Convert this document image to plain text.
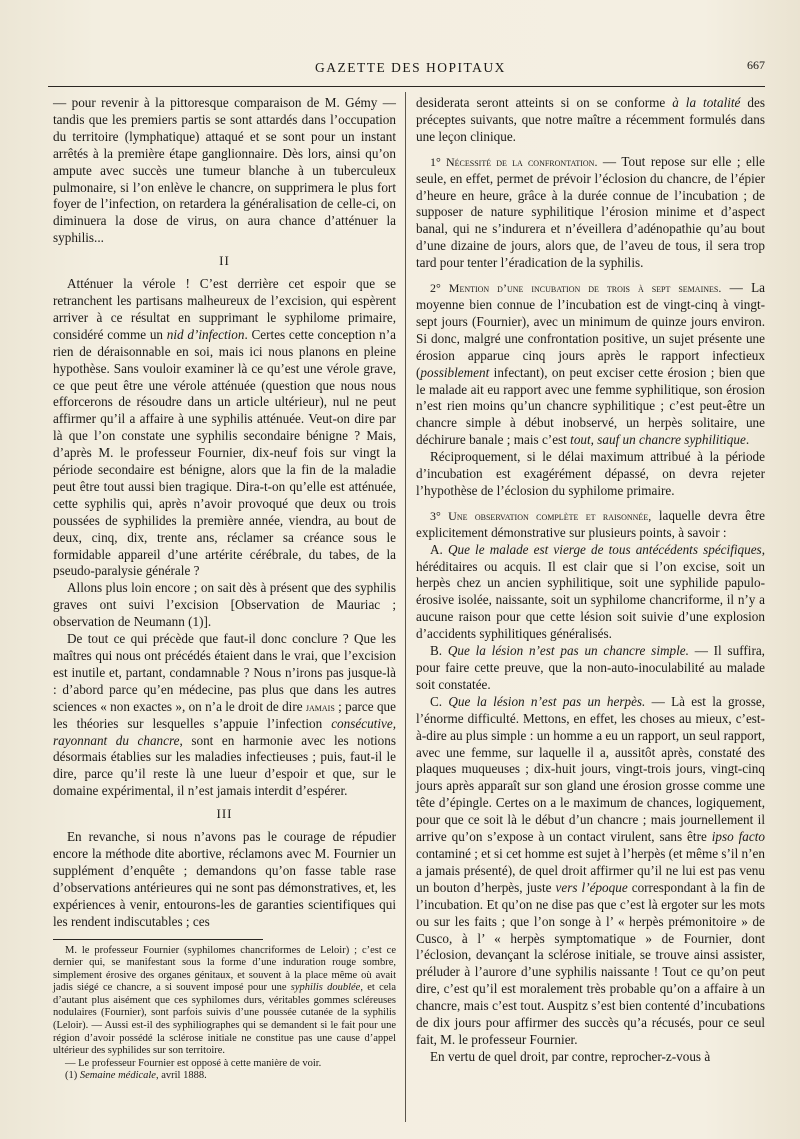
GAZETTE DES HOPITAUX	667

— pour revenir à la pittoresque comparaison de M. Gémy — tandis que les premiers partis se sont attardés dans l’occupation du territoire (lymphatique) attaqué et se sont pour un instant arrêtés à la première étape ganglionnaire. Dès lors, ainsi qu’on ampute avec succès une tumeur blanche à un tuberculeux pulmonaire, si l’on enlève le chancre, on supprimera le plus fort foyer de l’infection, on retardera la généralisation de celle-ci, on diminuera la dose de virus, on aura chance d’atténuer la syphilis...

II

Atténuer la vérole ! C’est derrière cet espoir que se retranchent les partisans malheureux de l’excision, qui espèrent arriver à ce résultat en supprimant le syphilome primaire, considéré comme un nid d’infection. Certes cette conception n’a rien de déraisonnable en soi, mais ici nous planons en pleine hypothèse. Sans vouloir examiner là ce qu’est une vérole grave, ce que peut être une vérole atténuée (question que nous nous efforcerons de résoudre dans un article ultérieur), nul ne peut affirmer qu’il a affaire à une syphilis atténuée. Veut-on dire par là que l’on constate une syphilis secondaire bénigne ? Mais, d’après M. le professeur Fournier, dix-neuf fois sur vingt la période secondaire est bénigne, alors que la fin de la maladie peut être tout aussi bien tragique. Dira-t-on qu’elle est atténuée, cette syphilis qui, après n’avoir provoqué que deux ou trois poussées de syphilides la première année, viendra, au bout de deux, cinq, dix, trente ans, réclamer sa créance sous le formidable appareil d’une artérite cérébrale, du tabes, de la pseudo-paralysie générale ?

Allons plus loin encore ; on sait dès à présent que des syphilis graves ont suivi l’excision [Observation de Mauriac ; observation de Neumann (1)].

De tout ce qui précède que faut-il donc conclure ? Que les maîtres qui nous ont précédés étaient dans le vrai, que l’excision est inutile et, partant, condamnable ? Nous n’irons pas jusque-là : d’abord parce qu’en médecine, pas plus que dans les autres sciences « non exactes », on n’a le droit de dire jamais ; parce que les théories sur lesquelles s’appuie l’infection consécutive, rayonnant du chancre, sont en harmonie avec les notions désormais établies sur les maladies infectieuses ; puis, faut-il le dire, parce qu’il reste là une lueur d’espoir et que, sur le domaine expérimental, il n’est jamais interdit d’espérer.

III

En revanche, si nous n’avons pas le courage de répudier encore la méthode dite abortive, réclamons avec M. Fournier un supplément d’enquête ; demandons qu’on fasse table rase d’observations antérieures qui ne sont pas démonstratives, et, les expériences à venir, entourons-les de garanties scientifiques qui les rendent indiscutables ; ces

M. le professeur Fournier (syphilomes chancriformes de Leloir) ; c’est ce dernier qui, se manifestant sous la forme d’une induration rouge sombre, simplement érosive des organes génitaux, et souvent à la place même où avait jadis siégé ce chancre, a si souvent imposé pour une syphilis doublée, et cela d’autant plus aisément que ces syphilomes durs, véritables gommes scléreuses nodulaires (Fournier), sont parfois suivis d’une poussée cutanée de la syphilis (Leloir). — Aussi est-il des syphiliographes qui se demandent si le fait pour une région d’avoir possédé la sclérose initiale ne constitue pas une cause d’appel ultérieur des syphilides sur son territoire.

— Le professeur Fournier est opposé à cette manière de voir.

(1) Semaine médicale, avril 1888.

desiderata seront atteints si on se conforme à la totalité des préceptes suivants, que notre maître a récemment formulés dans une leçon clinique.

1° Nécessité de la confrontation. — Tout repose sur elle ; elle seule, en effet, permet de prévoir l’éclosion du chancre, de l’épier d’heure en heure, grâce à la durée connue de l’incubation ; de supposer de nature syphilitique l’érosion minime et d’aspect banal, qui ne s’indurera et n’éveillera d’adénopathie qu’au bout d’une dizaine de jours, alors que, de l’aveu de tous, il sera trop tard pour tenter l’éradication de la syphilis.

2° Mention d’une incubation de trois à sept semaines. — La moyenne bien connue de l’incubation est de vingt-cinq à vingt-sept jours (Fournier), avec un minimum de quinze jours environ. Si donc, malgré une confrontation positive, un sujet présente une érosion apparue cinq jours après le rapport infectieux (possiblement infectant), on peut exciser cette érosion ; bien que le malade ait eu rapport avec une femme syphilitique, son érosion n’est rien moins qu’un chancre syphilitique ; c’est peut-être un chancre simple à début inobservé, un herpès solitaire, une déchirure banale ; mais c’est tout, sauf un chancre syphilitique.

Réciproquement, si le délai maximum attribué à la période d’incubation est exagérément dépassé, on devra rejeter l’hypothèse de l’éclosion du syphilome primaire.

3° Une observation complète et raisonnée, laquelle devra être explicitement démonstrative sur plusieurs points, à savoir :

A. Que le malade est vierge de tous antécédents spécifiques, héréditaires ou acquis. Il est clair que si l’on excise, soit un herpès chez un ancien syphilitique, soit une syphilide papulo-érosive isolée, naissante, soit un syphilome chancriforme, il n’y a aucune raison pour que cette lésion soit suivie d’une explosion d’accidents syphilitiques généralisés.

B. Que la lésion n’est pas un chancre simple. — Il suffira, pour faire cette preuve, que la non-auto-inoculabilité au malade soit constatée.

C. Que la lésion n’est pas un herpès. — Là est la grosse, l’énorme difficulté. Mettons, en effet, les choses au mieux, c’est-à-dire au plus simple : un homme a eu un rapport, un seul rapport, avec une femme, sur laquelle il a, aussitôt après, constaté des plaques muqueuses ; dix-huit jours, vingt-trois jours, vingt-cinq jours après apparaît sur son gland une érosion grosse comme une tête d’épingle. Certes on a le maximum de chances, logiquement, pour que ce soit là le début d’un chancre ; mais journellement il arrive qu’on s’expose à un contact virulent, sans être ipso facto contaminé ; et si cet homme est sujet à l’herpès (et même s’il n’en a jamais présenté), de quel droit affirmer qu’il ne lui est pas venu un bouton d’herpès, juste vers l’époque correspondant à la fin de l’incubation. Et qu’on ne dise pas que c’est là ergoter sur les mots ou sur les faits ; que l’on songe à l’ « herpès prémonitoire » de Cusco, à l’ « herpès symptomatique » de Fournier, dont l’éclosion, devançant la sclérose initiale, se trouve ainsi assister, préluder à l’aurore d’une syphilis naissante ! Tout ce qu’on peut dire, c’est qu’il est moralement très probable qu’on a affaire à un chancre, mais c’est tout. Auspitz s’est bien contenté d’incubations de dix jours pour affirmer des succès qu’a récusés, pour ce seul fait, M. le professeur Fournier.

En vertu de quel droit, par contre, reprocher-z-vous à
